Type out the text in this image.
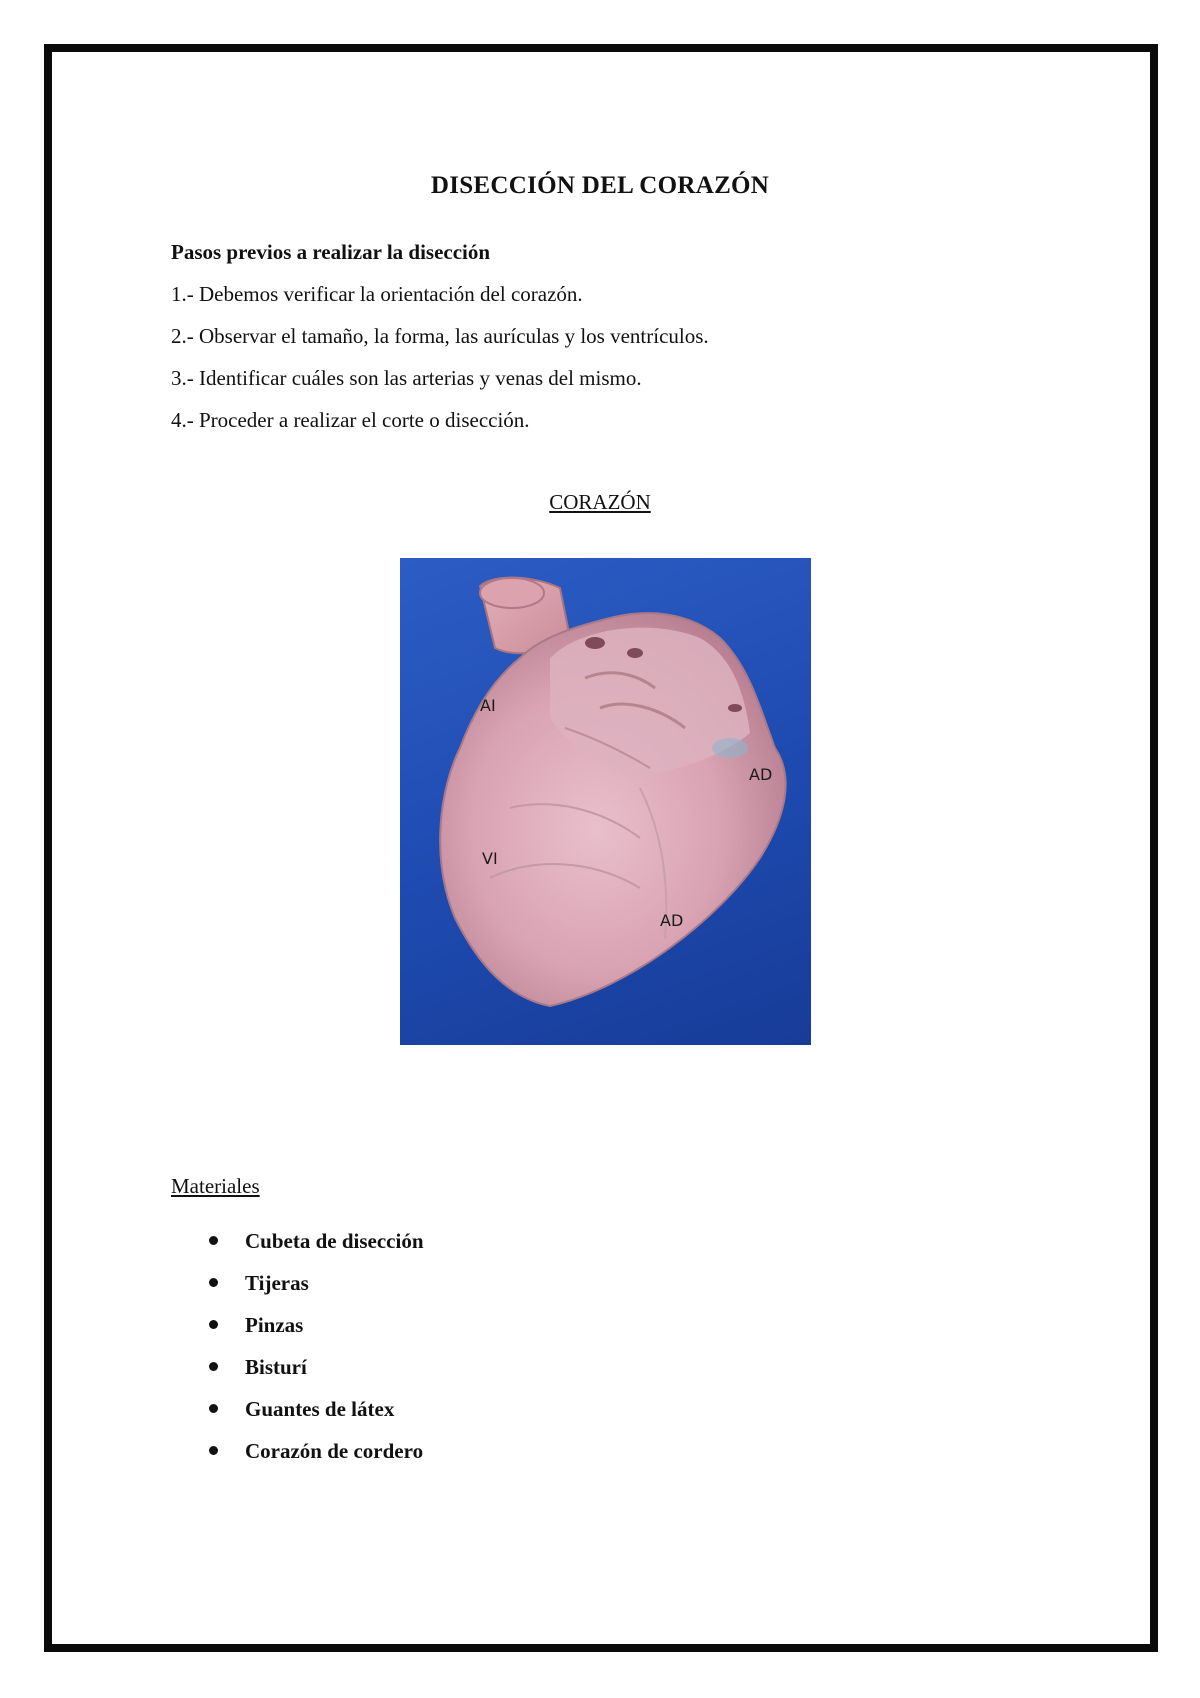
DISECCIÓN DEL CORAZÓN
Pasos previos a realizar la disección
1.- Debemos verificar la orientación del corazón.
2.- Observar el tamaño, la forma, las aurículas y los ventrículos.
3.- Identificar cuáles son las arterias y venas del mismo.
4.- Proceder a realizar el corte o disección.
CORAZÓN
AI
AD
VI
AD
Materiales
Cubeta de disección
Tijeras
Pinzas
Bisturí
Guantes de látex
Corazón de cordero
